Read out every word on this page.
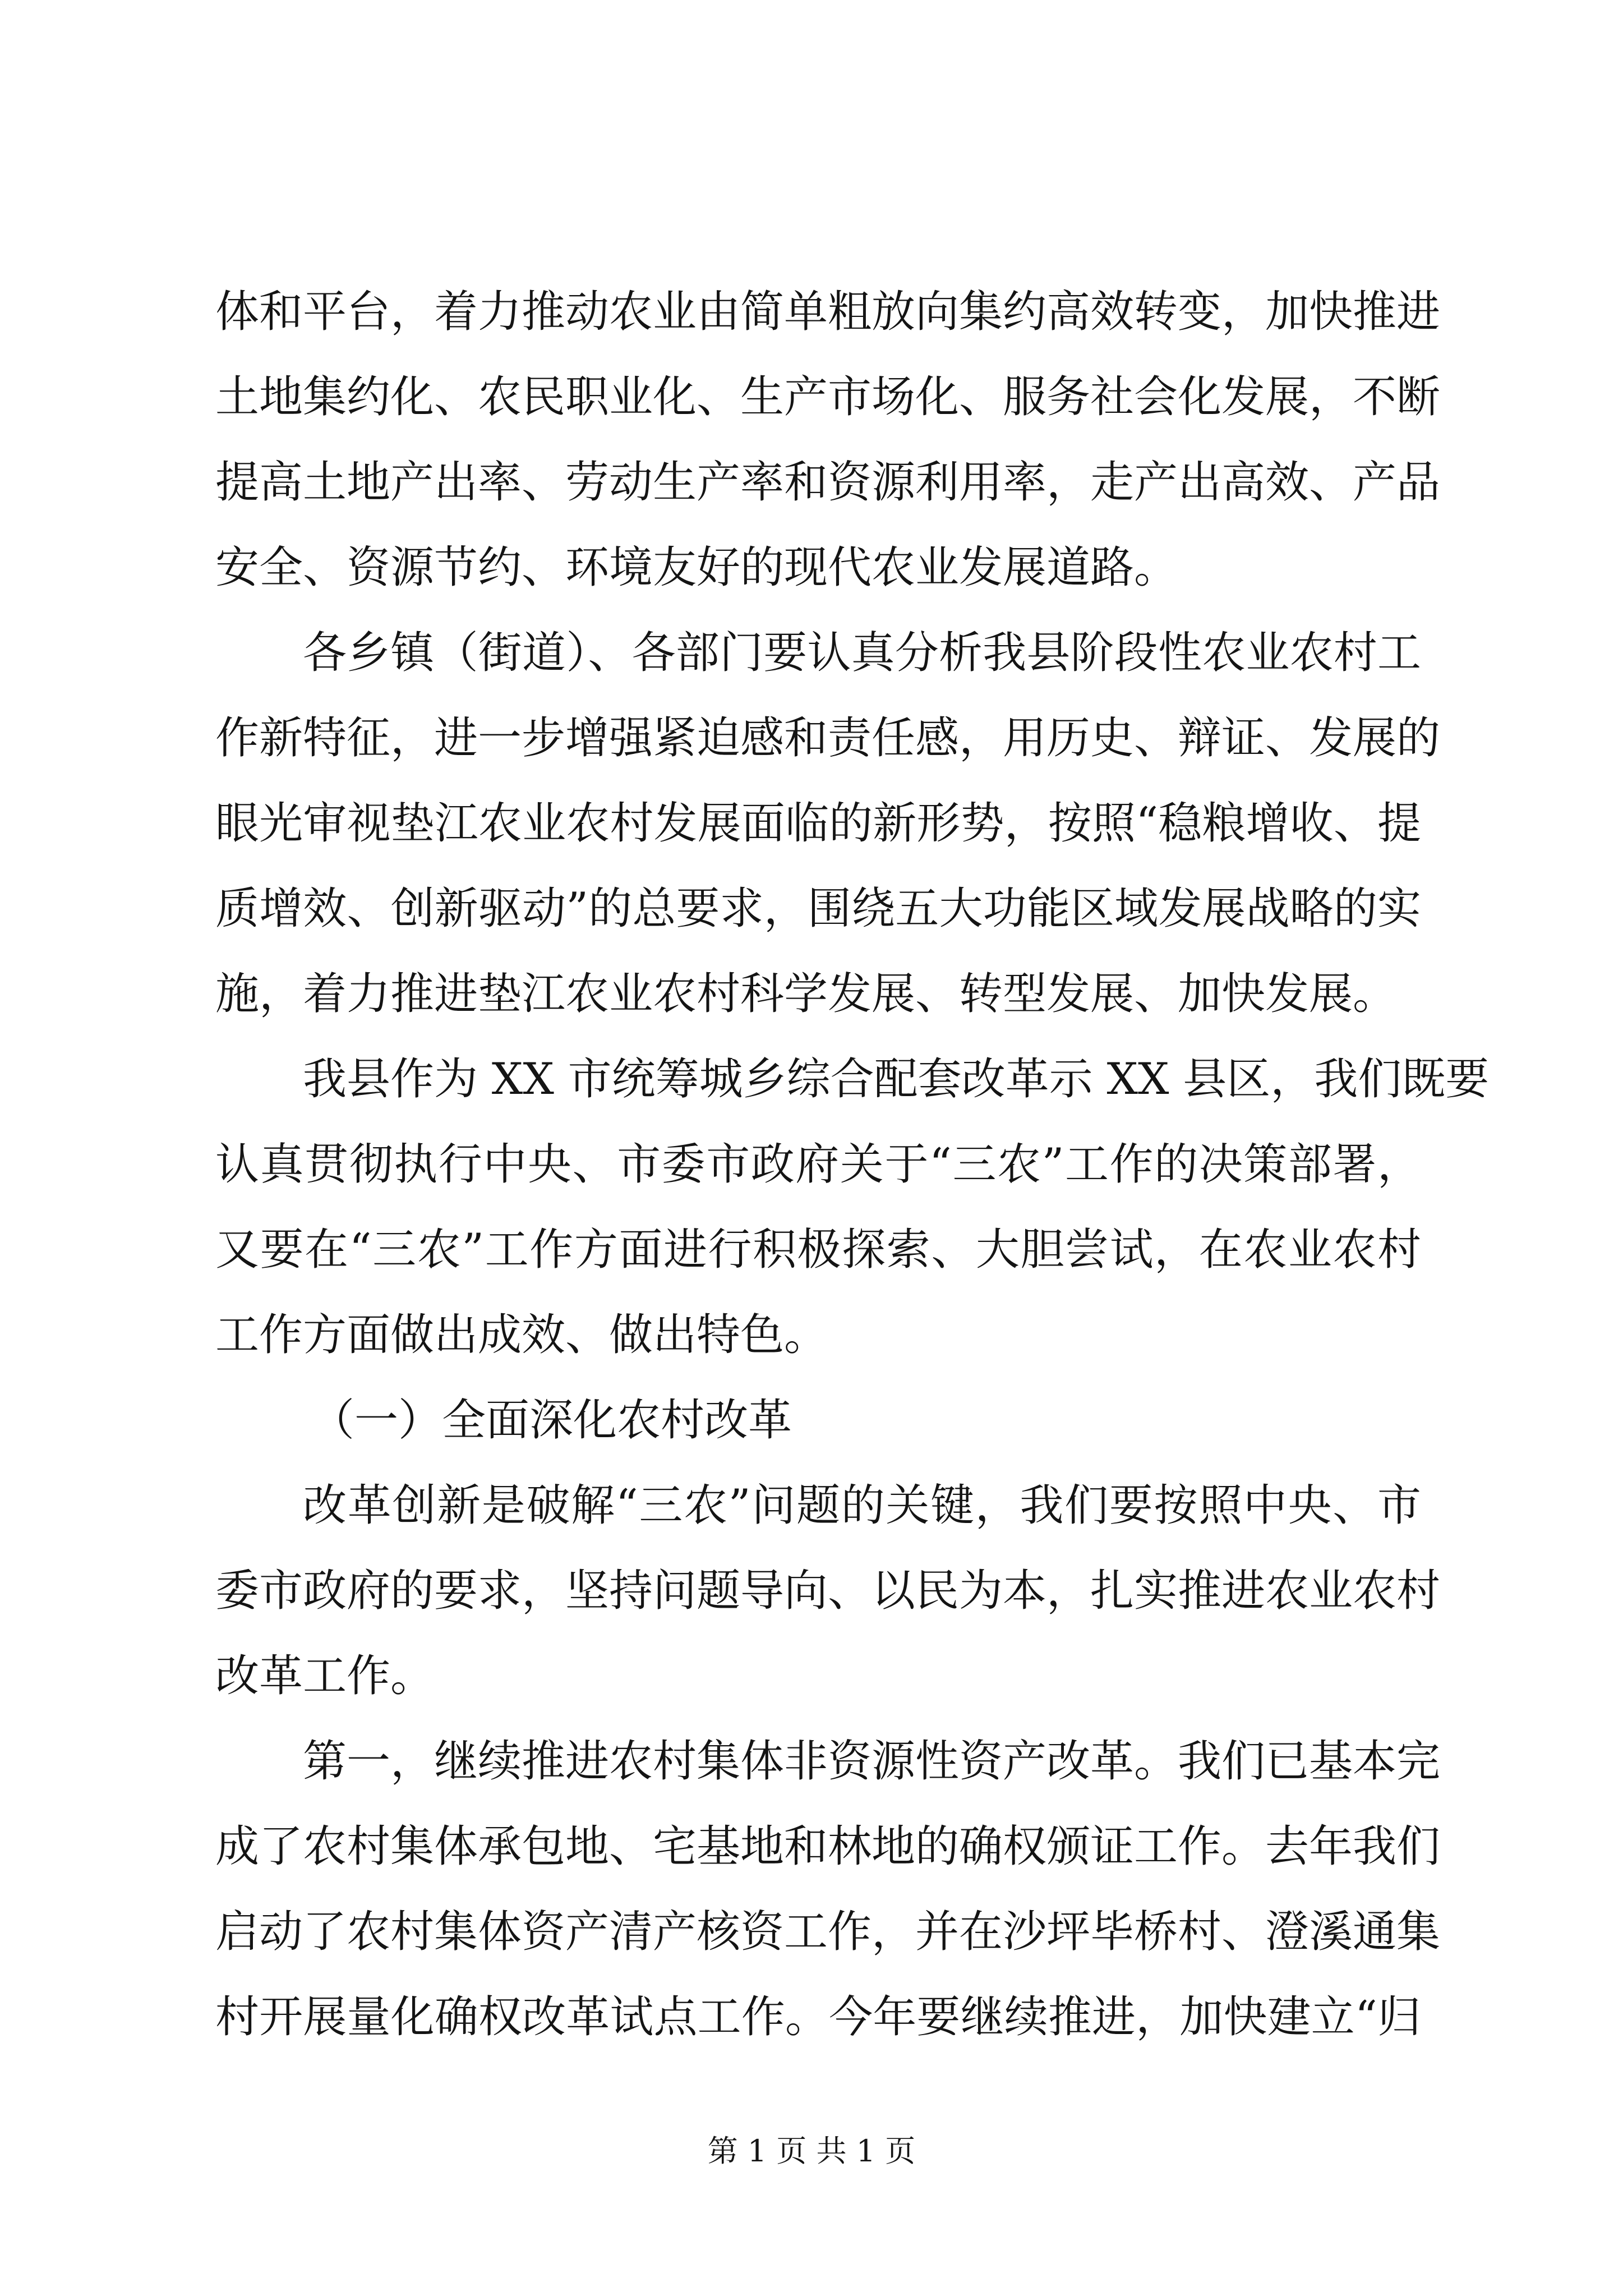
体和平台，着力推动农业由简单粗放向集约高效转变，加快推进
土地集约化、农民职业化、生产市场化、服务社会化发展，不断
提高土地产出率、劳动生产率和资源利用率，走产出高效、产品
安全、资源节约、环境友好的现代农业发展道路。
各乡镇（街道）、各部门要认真分析我县阶段性农业农村工
作新特征，进一步增强紧迫感和责任感，用历史、辩证、发展的
眼光审视垫江农业农村发展面临的新形势，按照“稳粮增收、提
质增效、创新驱动”的总要求，围绕五大功能区域发展战略的实
施，着力推进垫江农业农村科学发展、转型发展、加快发展。
我县作为 XX 市统筹城乡综合配套改革示 XX 县区，我们既要
认真贯彻执行中央、市委市政府关于“三农”工作的决策部署，
又要在“三农”工作方面进行积极探索、大胆尝试，在农业农村
工作方面做出成效、做出特色。
（一）全面深化农村改革
改革创新是破解“三农”问题的关键，我们要按照中央、市
委市政府的要求，坚持问题导向、以民为本，扎实推进农业农村
改革工作。
第一，继续推进农村集体非资源性资产改革。我们已基本完
成了农村集体承包地、宅基地和林地的确权颁证工作。去年我们
启动了农村集体资产清产核资工作，并在沙坪毕桥村、澄溪通集
村开展量化确权改革试点工作。今年要继续推进，加快建立“归
第 1 页 共 1 页
